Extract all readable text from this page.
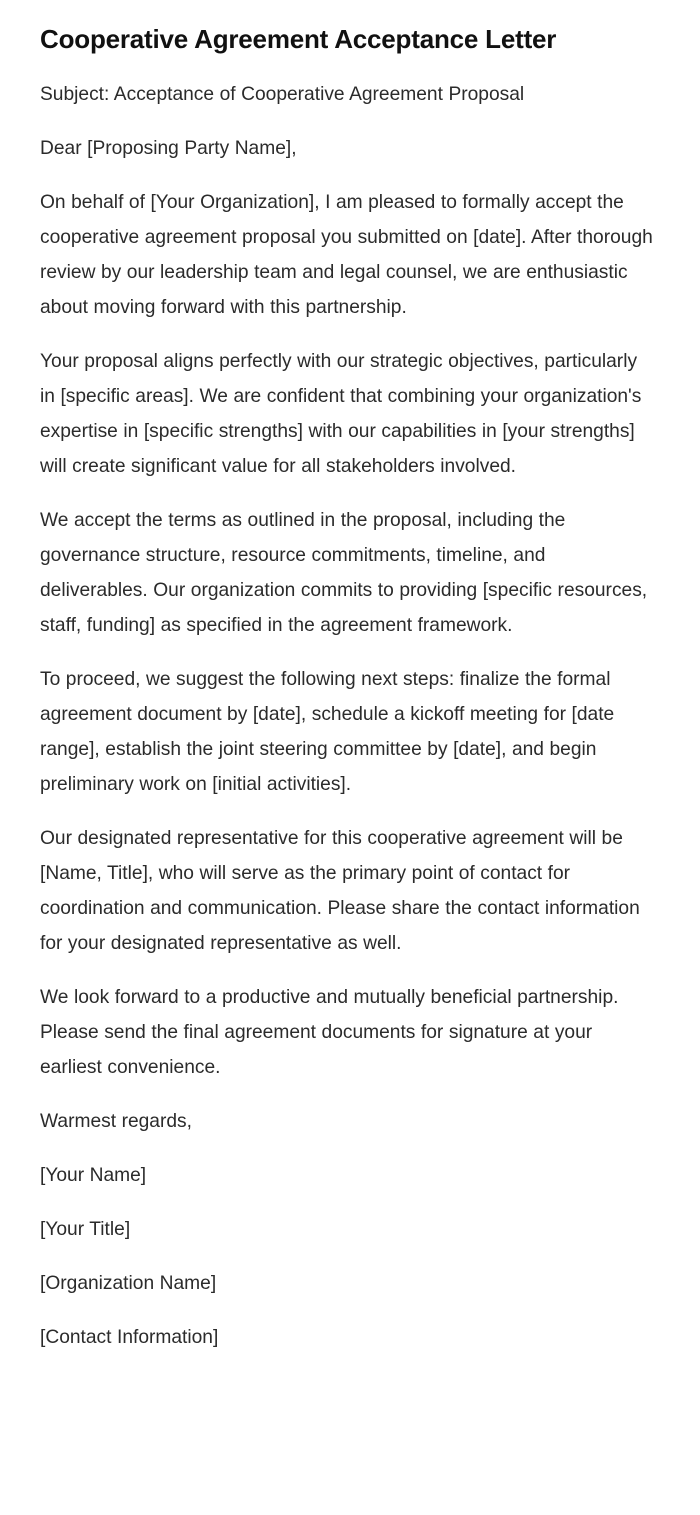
Cooperative Agreement Acceptance Letter

Subject: Acceptance of Cooperative Agreement Proposal

Dear [Proposing Party Name],

On behalf of [Your Organization], I am pleased to formally accept the cooperative agreement proposal you submitted on [date]. After thorough review by our leadership team and legal counsel, we are enthusiastic about moving forward with this partnership.

Your proposal aligns perfectly with our strategic objectives, particularly in [specific areas]. We are confident that combining your organization's expertise in [specific strengths] with our capabilities in [your strengths] will create significant value for all stakeholders involved.

We accept the terms as outlined in the proposal, including the governance structure, resource commitments, timeline, and deliverables. Our organization commits to providing [specific resources, staff, funding] as specified in the agreement framework.

To proceed, we suggest the following next steps: finalize the formal agreement document by [date], schedule a kickoff meeting for [date range], establish the joint steering committee by [date], and begin preliminary work on [initial activities].

Our designated representative for this cooperative agreement will be [Name, Title], who will serve as the primary point of contact for coordination and communication. Please share the contact information for your designated representative as well.

We look forward to a productive and mutually beneficial partnership. Please send the final agreement documents for signature at your earliest convenience.

Warmest regards,

[Your Name]

[Your Title]

[Organization Name]

[Contact Information]
